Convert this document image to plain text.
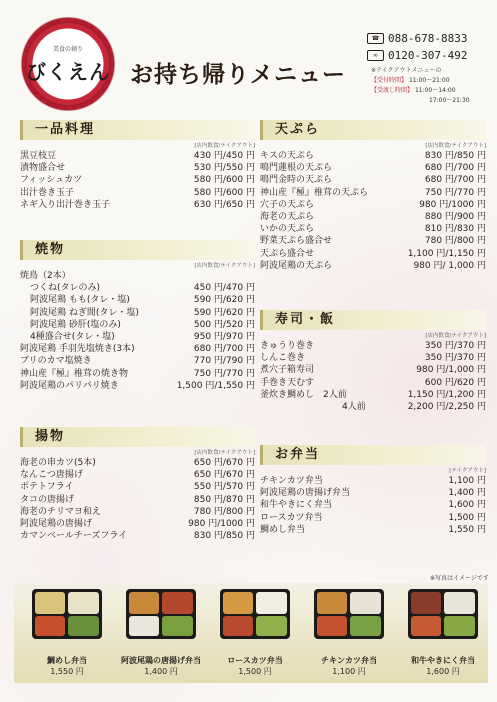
美食の創り
びくえん お持ち帰りメニュー
☎ 088-678-8833
∞ 0120-307-492
※テイクアウトメニューの
【受付時間】 11:00～21:00
【受渡し時間】 11:00～14:00
17:00～21:30
一品料理
[店内飲食/テイクアウト]
黒豆枝豆	430 円/450 円
漬物盛合せ	530 円/550 円
フィッシュカツ	580 円/600 円
出汁巻き玉子	580 円/600 円
ネギ入り出汁巻き玉子	630 円/650 円
焼物
[店内飲食/テイクアウト]
焼鳥（2本）
つくね(タレのみ)	450 円/470 円
阿波尾鶏 もも(タレ・塩)	590 円/620 円
阿波尾鶏 ねぎ間(タレ・塩)	590 円/620 円
阿波尾鶏 砂肝(塩のみ)	500 円/520 円
4種盛合せ(タレ・塩)	950 円/970 円
阿波尾鶏 手羽先塩焼き(3本)	680 円/700 円
ブリのカマ塩焼き	770 円/790 円
神山産『極』椎茸の焼き物	750 円/770 円
阿波尾鶏のパリパリ焼き	1,500 円/1,550 円
揚物
[店内飲食/テイクアウト]
海老の串カツ(5本)	650 円/670 円
なんこつ唐揚げ	650 円/670 円
ポテトフライ	550 円/570 円
タコの唐揚げ	850 円/870 円
海老のチリマヨ和え	780 円/800 円
阿波尾鶏の唐揚げ	980 円/1000 円
カマンベールチーズフライ	830 円/850 円
天ぷら
[店内飲食/テイクアウト]
キスの天ぷら	830 円/850 円
鳴門蓮根の天ぷら	680 円/700 円
鳴門金時の天ぷら	680 円/700 円
神山産『極』椎茸の天ぷら	750 円/770 円
穴子の天ぷら	980 円/1000 円
海老の天ぷら	880 円/900 円
いかの天ぷら	810 円/830 円
野菜天ぷら盛合せ	780 円/800 円
天ぷら盛合せ	1,100 円/1,150 円
阿波尾鶏の天ぷら	980 円/ 1,000 円
寿司・飯
[店内飲食/テイクアウト]
きゅうり巻き	350 円/370 円
しんこ巻き	350 円/370 円
煮穴子箱寿司	980 円/1,000 円
手巻き天むす	600 円/620 円
釜炊き鯛めし　2人前	1,150 円/1,200 円
4人前	2,200 円/2,250 円
お弁当
[テイクアウト]
チキンカツ弁当	1,100 円
阿波尾鶏の唐揚げ弁当	1,400 円
和牛やきにく弁当	1,600 円
ロースカツ弁当	1,500 円
鯛めし弁当	1,550 円
※写真はイメージです
鯛めし弁当
1,550 円
阿波尾鶏の唐揚げ弁当
1,400 円
ロースカツ弁当
1,500 円
チキンカツ弁当
1,100 円
和牛やきにく弁当
1,600 円
